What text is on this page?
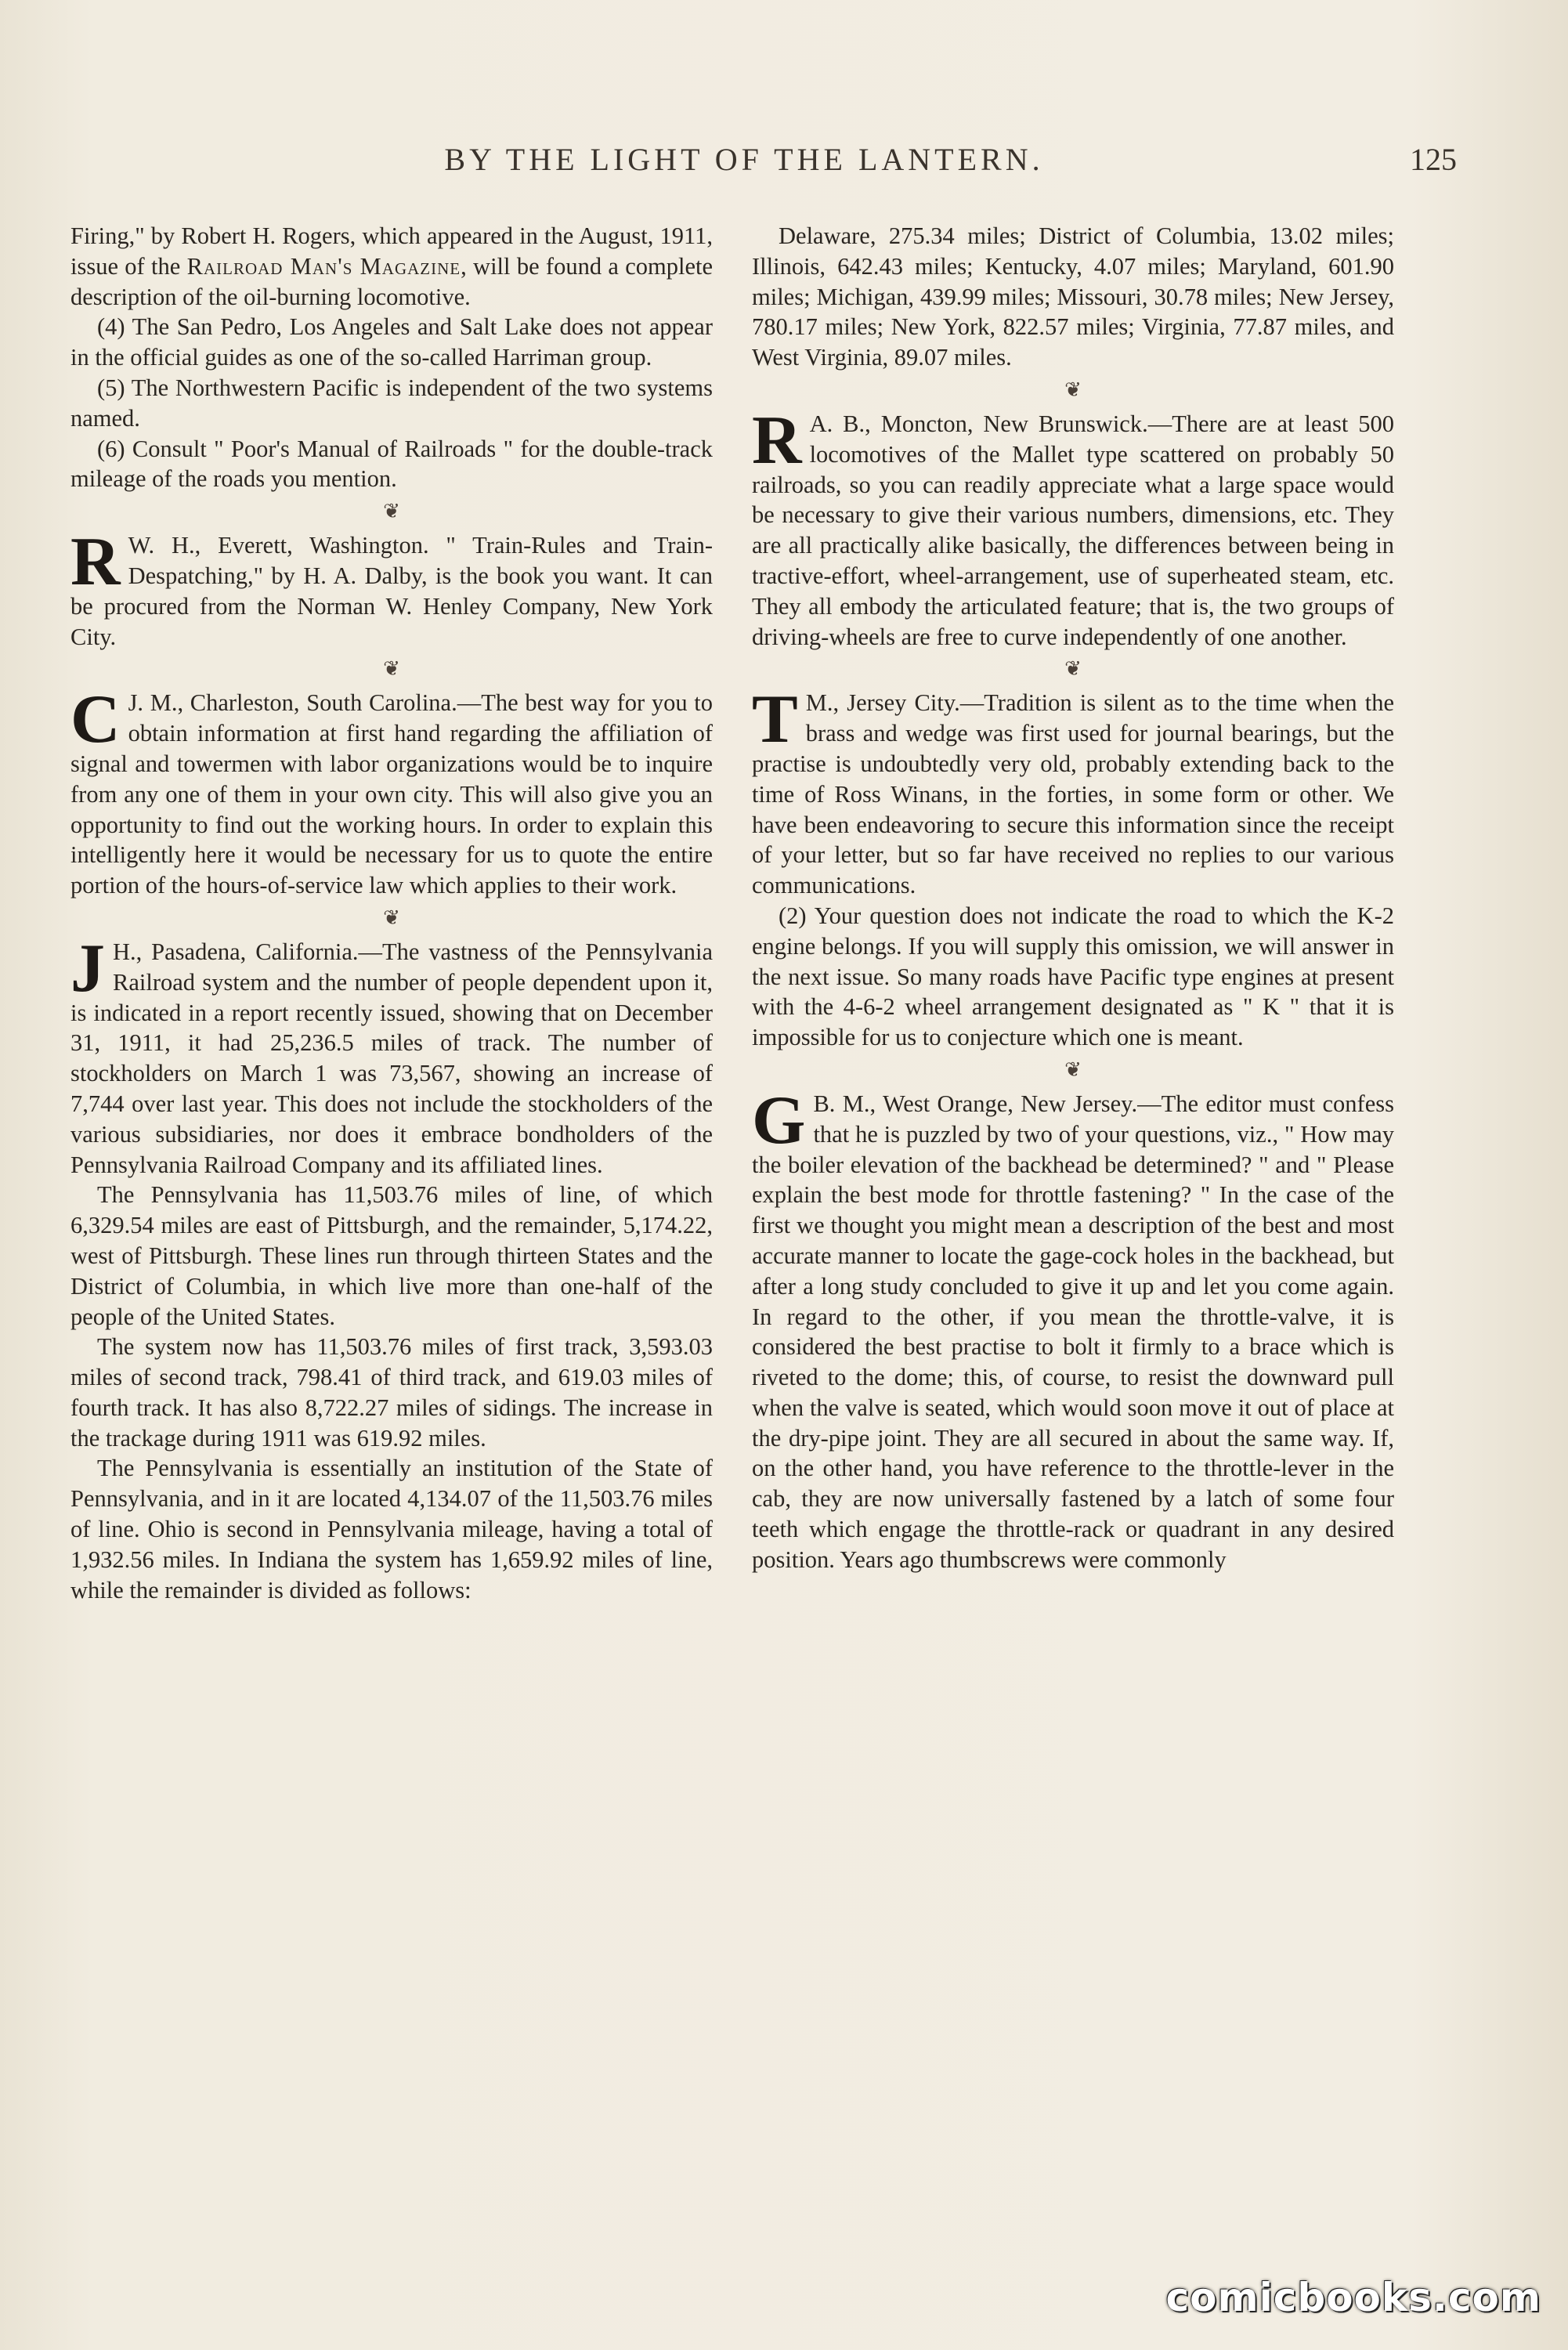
BY THE LIGHT OF THE LANTERN.	125

Firing," by Robert H. Rogers, which appeared in the August, 1911, issue of the Railroad Man's Magazine, will be found a complete description of the oil-burning locomotive.

(4) The San Pedro, Los Angeles and Salt Lake does not appear in the official guides as one of the so-called Harriman group.

(5) The Northwestern Pacific is independent of the two systems named.

(6) Consult " Poor's Manual of Railroads " for the double-track mileage of the roads you mention.

❦

R W. H., Everett, Washington. " Train-Rules and Train-Despatching," by H. A. Dalby, is the book you want. It can be procured from the Norman W. Henley Company, New York City.

❦

C J. M., Charleston, South Carolina.—The best way for you to obtain information at first hand regarding the affiliation of signal and towermen with labor organizations would be to inquire from any one of them in your own city. This will also give you an opportunity to find out the working hours. In order to explain this intelligently here it would be necessary for us to quote the entire portion of the hours-of-service law which applies to their work.

❦

J H., Pasadena, California.—The vastness of the Pennsylvania Railroad system and the number of people dependent upon it, is indicated in a report recently issued, showing that on December 31, 1911, it had 25,236.5 miles of track. The number of stockholders on March 1 was 73,567, showing an increase of 7,744 over last year. This does not include the stockholders of the various subsidiaries, nor does it embrace bondholders of the Pennsylvania Railroad Company and its affiliated lines.

The Pennsylvania has 11,503.76 miles of line, of which 6,329.54 miles are east of Pittsburgh, and the remainder, 5,174.22, west of Pittsburgh. These lines run through thirteen States and the District of Columbia, in which live more than one-half of the people of the United States.

The system now has 11,503.76 miles of first track, 3,593.03 miles of second track, 798.41 of third track, and 619.03 miles of fourth track. It has also 8,722.27 miles of sidings. The increase in the trackage during 1911 was 619.92 miles.

The Pennsylvania is essentially an institution of the State of Pennsylvania, and in it are located 4,134.07 of the 11,503.76 miles of line. Ohio is second in Pennsylvania mileage, having a total of 1,932.56 miles. In Indiana the system has 1,659.92 miles of line, while the remainder is divided as follows:

Delaware, 275.34 miles; District of Columbia, 13.02 miles; Illinois, 642.43 miles; Kentucky, 4.07 miles; Maryland, 601.90 miles; Michigan, 439.99 miles; Missouri, 30.78 miles; New Jersey, 780.17 miles; New York, 822.57 miles; Virginia, 77.87 miles, and West Virginia, 89.07 miles.

❦

R A. B., Moncton, New Brunswick.—There are at least 500 locomotives of the Mallet type scattered on probably 50 railroads, so you can readily appreciate what a large space would be necessary to give their various numbers, dimensions, etc. They are all practically alike basically, the differences between being in tractive-effort, wheel-arrangement, use of superheated steam, etc. They all embody the articulated feature; that is, the two groups of driving-wheels are free to curve independently of one another.

❦

T M., Jersey City.—Tradition is silent as to the time when the brass and wedge was first used for journal bearings, but the practise is undoubtedly very old, probably extending back to the time of Ross Winans, in the forties, in some form or other. We have been endeavoring to secure this information since the receipt of your letter, but so far have received no replies to our various communications.

(2) Your question does not indicate the road to which the K-2 engine belongs. If you will supply this omission, we will answer in the next issue. So many roads have Pacific type engines at present with the 4-6-2 wheel arrangement designated as " K " that it is impossible for us to conjecture which one is meant.

❦

G B. M., West Orange, New Jersey.—The editor must confess that he is puzzled by two of your questions, viz., " How may the boiler elevation of the backhead be determined? " and " Please explain the best mode for throttle fastening? " In the case of the first we thought you might mean a description of the best and most accurate manner to locate the gage-cock holes in the backhead, but after a long study concluded to give it up and let you come again. In regard to the other, if you mean the throttle-valve, it is considered the best practise to bolt it firmly to a brace which is riveted to the dome; this, of course, to resist the downward pull when the valve is seated, which would soon move it out of place at the dry-pipe joint. They are all secured in about the same way. If, on the other hand, you have reference to the throttle-lever in the cab, they are now universally fastened by a latch of some four teeth which engage the throttle-rack or quadrant in any desired position. Years ago thumbscrews were commonly

comicbooks.com
